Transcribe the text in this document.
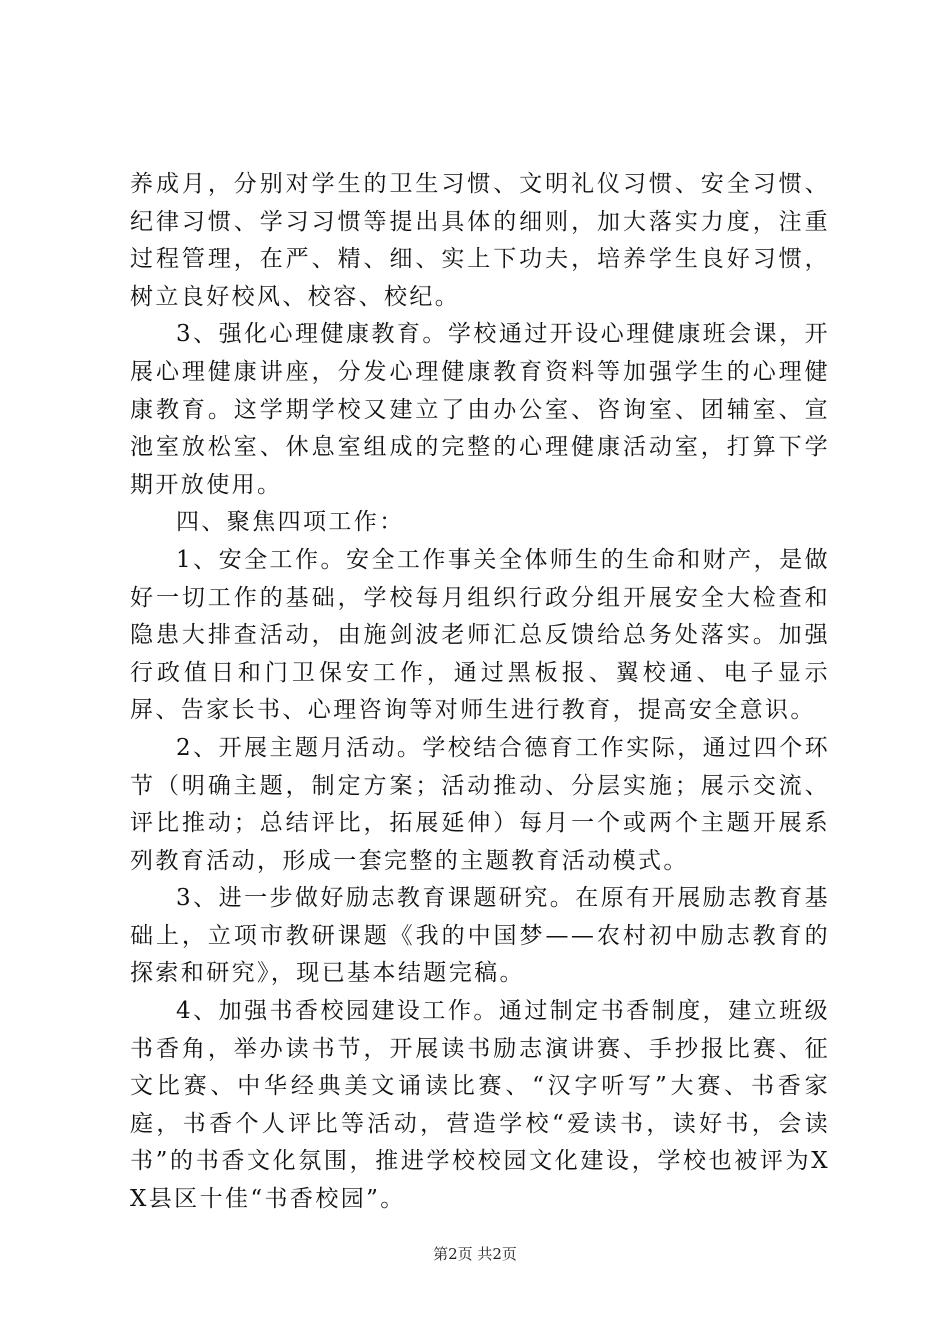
养成月，分别对学生的卫生习惯、文明礼仪习惯、安全习惯、纪律习惯、学习习惯等提出具体的细则，加大落实力度，注重过程管理，在严、精、细、实上下功夫，培养学生良好习惯，树立良好校风、校容、校纪。

3、强化心理健康教育。学校通过开设心理健康班会课，开展心理健康讲座，分发心理健康教育资料等加强学生的心理健康教育。这学期学校又建立了由办公室、咨询室、团辅室、宣池室放松室、休息室组成的完整的心理健康活动室，打算下学期开放使用。

四、聚焦四项工作：

1、安全工作。安全工作事关全体师生的生命和财产，是做好一切工作的基础，学校每月组织行政分组开展安全大检查和隐患大排查活动，由施剑波老师汇总反馈给总务处落实。加强行政值日和门卫保安工作，通过黑板报、翼校通、电子显示屏、告家长书、心理咨询等对师生进行教育，提高安全意识。

2、开展主题月活动。学校结合德育工作实际，通过四个环节（明确主题，制定方案；活动推动、分层实施；展示交流、评比推动；总结评比，拓展延伸）每月一个或两个主题开展系列教育活动，形成一套完整的主题教育活动模式。

3、进一步做好励志教育课题研究。在原有开展励志教育基础上，立项市教研课题《我的中国梦——农村初中励志教育的探索和研究》，现已基本结题完稿。

4、加强书香校园建设工作。通过制定书香制度，建立班级书香角，举办读书节，开展读书励志演讲赛、手抄报比赛、征文比赛、中华经典美文诵读比赛、“汉字听写”大赛、书香家庭，书香个人评比等活动，营造学校“爱读书，读好书，会读书”的书香文化氛围，推进学校校园文化建设，学校也被评为XX县区十佳“书香校园”。

第2页 共2页
